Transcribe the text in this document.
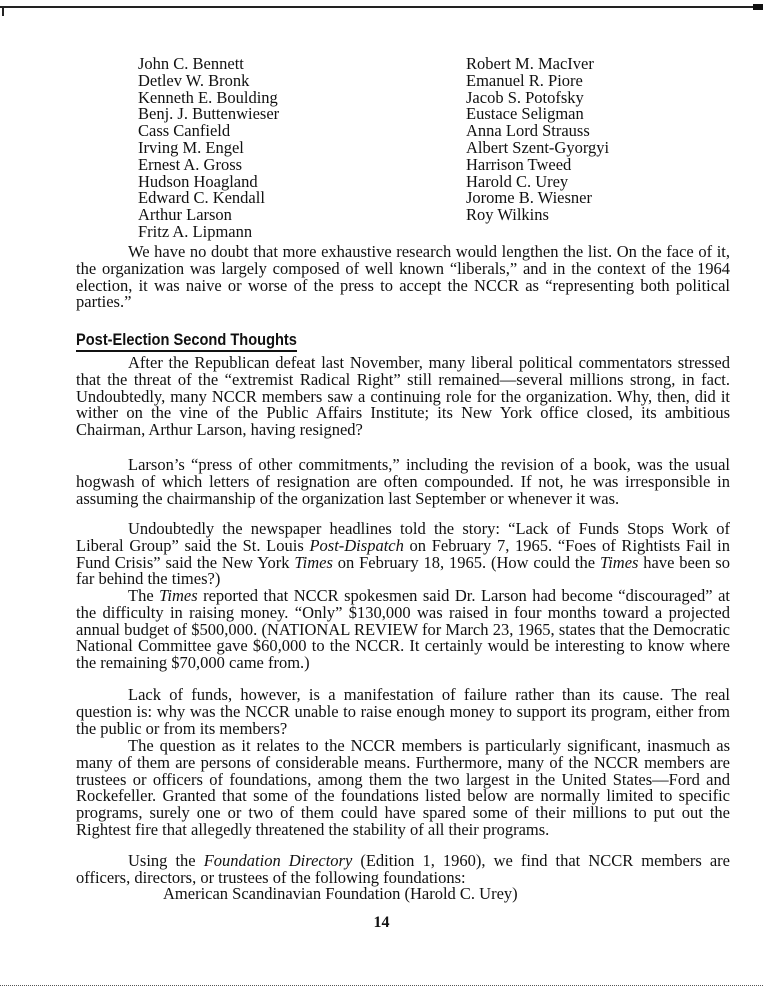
John C. Bennett
Detlev W. Bronk
Kenneth E. Boulding
Benj. J. Buttenwieser
Cass Canfield
Irving M. Engel
Ernest A. Gross
Hudson Hoagland
Edward C. Kendall
Arthur Larson
Fritz A. Lipmann
Robert M. MacIver
Emanuel R. Piore
Jacob S. Potofsky
Eustace Seligman
Anna Lord Strauss
Albert Szent-Gyorgyi
Harrison Tweed
Harold C. Urey
Jorome B. Wiesner
Roy Wilkins

We have no doubt that more exhaustive research would lengthen the list. On the face of it, the organization was largely composed of well known “liberals,” and in the context of the 1964 election, it was naive or worse of the press to accept the NCCR as “representing both political parties.”

Post-Election Second Thoughts

After the Republican defeat last November, many liberal political commentators stressed that the threat of the “extremist Radical Right” still remained—several millions strong, in fact. Undoubtedly, many NCCR members saw a continuing role for the organization. Why, then, did it wither on the vine of the Public Affairs Institute; its New York office closed, its ambitious Chairman, Arthur Larson, having resigned?

Larson’s “press of other commitments,” including the revision of a book, was the usual hogwash of which letters of resignation are often compounded. If not, he was irresponsible in assuming the chairmanship of the organization last September or whenever it was.

Undoubtedly the newspaper headlines told the story: “Lack of Funds Stops Work of Liberal Group” said the St. Louis Post-Dispatch on February 7, 1965. “Foes of Rightists Fail in Fund Crisis” said the New York Times on February 18, 1965. (How could the Times have been so far behind the times?)

The Times reported that NCCR spokesmen said Dr. Larson had become “discouraged” at the difficulty in raising money. “Only” $130,000 was raised in four months toward a projected annual budget of $500,000. (NATIONAL REVIEW for March 23, 1965, states that the Democratic National Committee gave $60,000 to the NCCR. It certainly would be interesting to know where the remaining $70,000 came from.)

Lack of funds, however, is a manifestation of failure rather than its cause. The real question is: why was the NCCR unable to raise enough money to support its program, either from the public or from its members?

The question as it relates to the NCCR members is particularly significant, inasmuch as many of them are persons of considerable means. Furthermore, many of the NCCR members are trustees or officers of foundations, among them the two largest in the United States—Ford and Rockefeller. Granted that some of the foundations listed below are normally limited to specific programs, surely one or two of them could have spared some of their millions to put out the Rightest fire that allegedly threatened the stability of all their programs.

Using the Foundation Directory (Edition 1, 1960), we find that NCCR members are officers, directors, or trustees of the following foundations:

American Scandinavian Foundation (Harold C. Urey)
14
